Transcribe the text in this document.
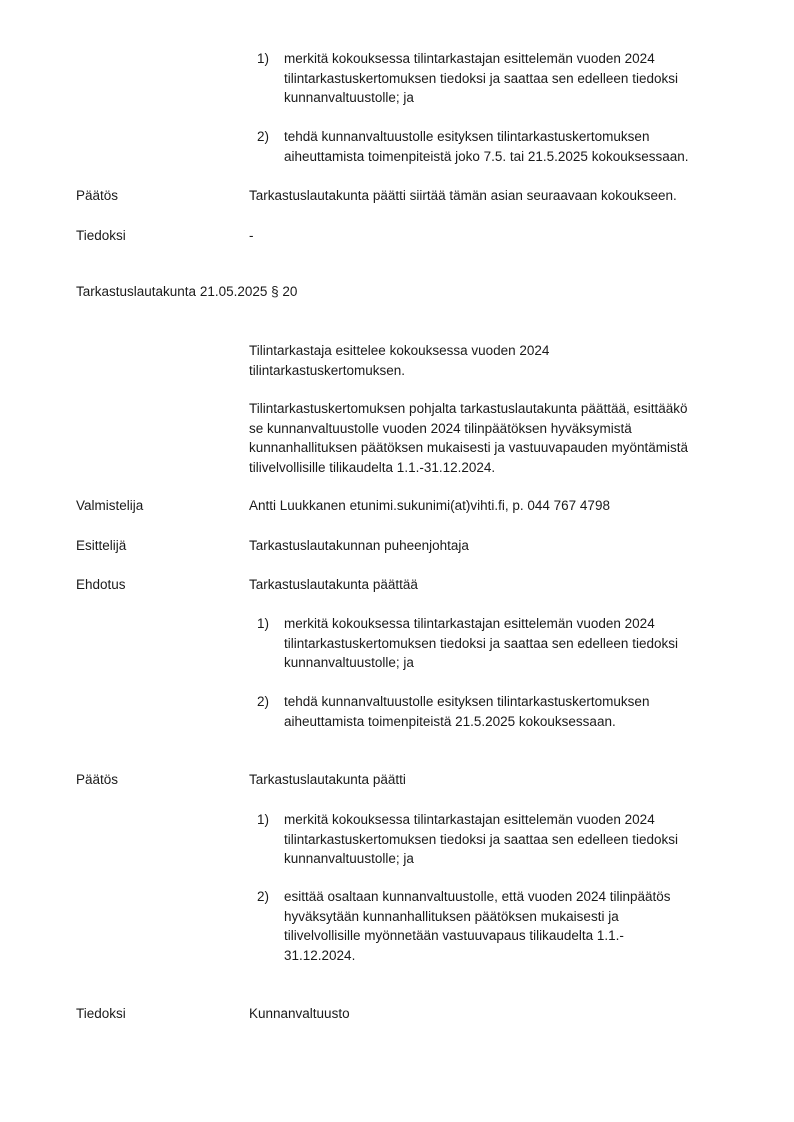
1)	merkitä kokouksessa tilintarkastajan esittelemän vuoden 2024
tilintarkastuskertomuksen tiedoksi ja saattaa sen edelleen tiedoksi
kunnanvaltuustolle; ja
2)	tehdä kunnanvaltuustolle esityksen tilintarkastuskertomuksen
aiheuttamista toimenpiteistä joko 7.5. tai 21.5.2025 kokouksessaan.
Päätös	Tarkastuslautakunta päätti siirtää tämän asian seuraavaan kokoukseen.
Tiedoksi	-
Tarkastuslautakunta 21.05.2025 § 20
Tilintarkastaja esittelee kokouksessa vuoden 2024
tilintarkastuskertomuksen.
Tilintarkastuskertomuksen pohjalta tarkastuslautakunta päättää, esittääkö
se kunnanvaltuustolle vuoden 2024 tilinpäätöksen hyväksymistä
kunnanhallituksen päätöksen mukaisesti ja vastuuvapauden myöntämistä
tilivelvollisille tilikaudelta 1.1.-31.12.2024.
Valmistelija	Antti Luukkanen etunimi.sukunimi(at)vihti.fi, p. 044 767 4798
Esittelijä	Tarkastuslautakunnan puheenjohtaja
Ehdotus	Tarkastuslautakunta päättää
1)	merkitä kokouksessa tilintarkastajan esittelemän vuoden 2024
tilintarkastuskertomuksen tiedoksi ja saattaa sen edelleen tiedoksi
kunnanvaltuustolle; ja
2)	tehdä kunnanvaltuustolle esityksen tilintarkastuskertomuksen
aiheuttamista toimenpiteistä 21.5.2025 kokouksessaan.
Päätös	Tarkastuslautakunta päätti
1)	merkitä kokouksessa tilintarkastajan esittelemän vuoden 2024
tilintarkastuskertomuksen tiedoksi ja saattaa sen edelleen tiedoksi
kunnanvaltuustolle; ja
2)	esittää osaltaan kunnanvaltuustolle, että vuoden 2024 tilinpäätös
hyväksytään kunnanhallituksen päätöksen mukaisesti ja
tilivelvollisille myönnetään vastuuvapaus tilikaudelta 1.1.-
31.12.2024.
Tiedoksi	Kunnanvaltuusto
